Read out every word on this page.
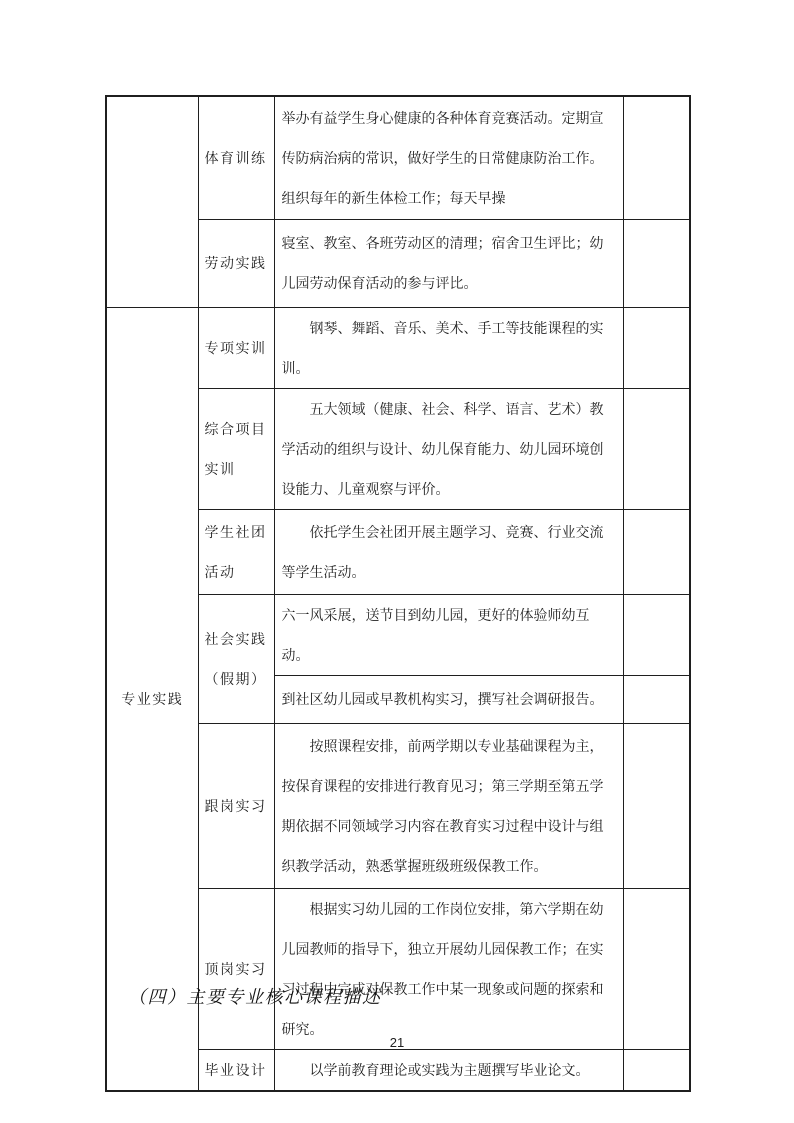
	体育训练	举办有益学生身心健康的各种体育竞赛活动。定期宣传防病治病的常识，做好学生的日常健康防治工作。组织每年的新生体检工作；每天早操	
	劳动实践	寝室、教室、各班劳动区的清理；宿舍卫生评比；幼儿园劳动保育活动的参与评比。	
专业实践	专项实训	钢琴、舞蹈、音乐、美术、手工等技能课程的实训。	
	综合项目实训	五大领域（健康、社会、科学、语言、艺术）教学活动的组织与设计、幼儿保育能力、幼儿园环境创设能力、儿童观察与评价。	
	学生社团活动	依托学生会社团开展主题学习、竞赛、行业交流等学生活动。	
	社会实践（假期）	六一风采展，送节目到幼儿园，更好的体验师幼互动。	
		到社区幼儿园或早教机构实习，撰写社会调研报告。	
	跟岗实习	按照课程安排，前两学期以专业基础课程为主，按保育课程的安排进行教育见习；第三学期至第五学期依据不同领域学习内容在教育实习过程中设计与组织教学活动，熟悉掌握班级班级保教工作。	
	顶岗实习	根据实习幼儿园的工作岗位安排，第六学期在幼儿园教师的指导下，独立开展幼儿园保教工作；在实习过程中完成对保教工作中某一现象或问题的探索和研究。	
	毕业设计	以学前教育理论或实践为主题撰写毕业论文。	
（四）主要专业核心课程描述
21
